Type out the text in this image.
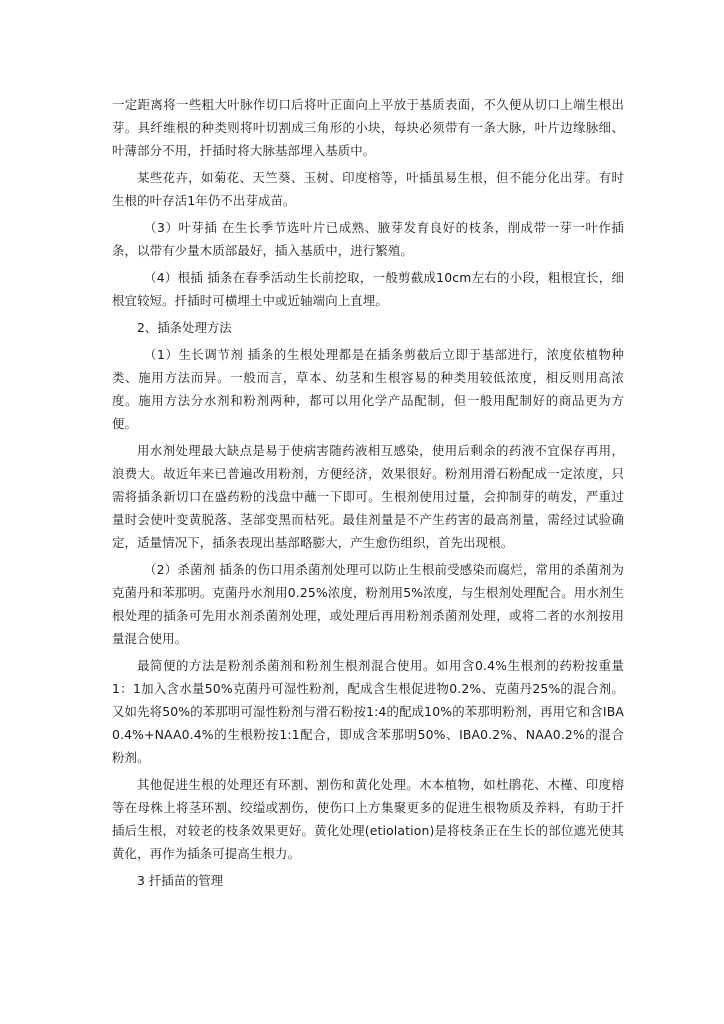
一定距离将一些粗大叶脉作切口后将叶正面向上平放于基质表面，不久便从切口上端生根出芽。具纤维根的种类则将叶切割成三角形的小块，每块必须带有一条大脉，叶片边缘脉细、叶薄部分不用，扦插时将大脉基部埋入基质中。

某些花卉，如菊花、天竺葵、玉树、印度榕等，叶插虽易生根，但不能分化出芽。有时生根的叶存活1年仍不出芽成苗。

（3）叶芽插 在生长季节选叶片已成熟、腋芽发育良好的枝条，削成带一芽一叶作插条，以带有少量木质部最好，插入基质中，进行繁殖。

（4）根插 插条在春季活动生长前挖取，一般剪截成10cm左右的小段，粗根宜长，细根宜较短。扦插时可横埋土中或近轴端向上直埋。

2、插条处理方法

（1）生长调节剂 插条的生根处理都是在插条剪截后立即于基部进行，浓度依植物种类、施用方法而异。一般而言，草本、幼茎和生根容易的种类用较低浓度，相反则用高浓度。施用方法分水剂和粉剂两种，都可以用化学产品配制，但一般用配制好的商品更为方便。

用水剂处理最大缺点是易于使病害随药液相互感染，使用后剩余的药液不宜保存再用，浪费大。故近年来已普遍改用粉剂，方便经济，效果很好。粉剂用滑石粉配成一定浓度，只需将插条新切口在盛药粉的浅盘中蘸一下即可。生根剂使用过量，会抑制芽的萌发，严重过量时会使叶变黄脱落、茎部变黑而枯死。最佳剂量是不产生药害的最高剂量，需经过试验确定，适量情况下，插条表现出基部略膨大，产生愈伤组织，首先出现根。

（2）杀菌剂 插条的伤口用杀菌剂处理可以防止生根前受感染而腐烂，常用的杀菌剂为克菌丹和苯那明。克菌丹水剂用0.25%浓度，粉剂用5%浓度，与生根剂处理配合。用水剂生根处理的插条可先用水剂杀菌剂处理，或处理后再用粉剂杀菌剂处理，或将二者的水剂按用量混合使用。

最简便的方法是粉剂杀菌剂和粉剂生根剂混合使用。如用含0.4%生根剂的药粉按重量1：1加入含水量50%克菌丹可湿性粉剂，配成含生根促进物0.2%、克菌丹25%的混合剂。又如先将50%的苯那明可湿性粉剂与滑石粉按1:4的配成10%的苯那明粉剂，再用它和含IBA0.4%+NAA0.4%的生根粉按1:1配合，即成含苯那明50%、IBA0.2%、NAA0.2%的混合粉剂。

其他促进生根的处理还有环割、割伤和黄化处理。木本植物，如杜鹃花、木槿、印度榕等在母株上将茎环割、绞缢或割伤，使伤口上方集聚更多的促进生根物质及养料，有助于扦插后生根，对较老的枝条效果更好。黄化处理(etiolation)是将枝条正在生长的部位遮光使其黄化，再作为插条可提高生根力。

3 扦插苗的管理
